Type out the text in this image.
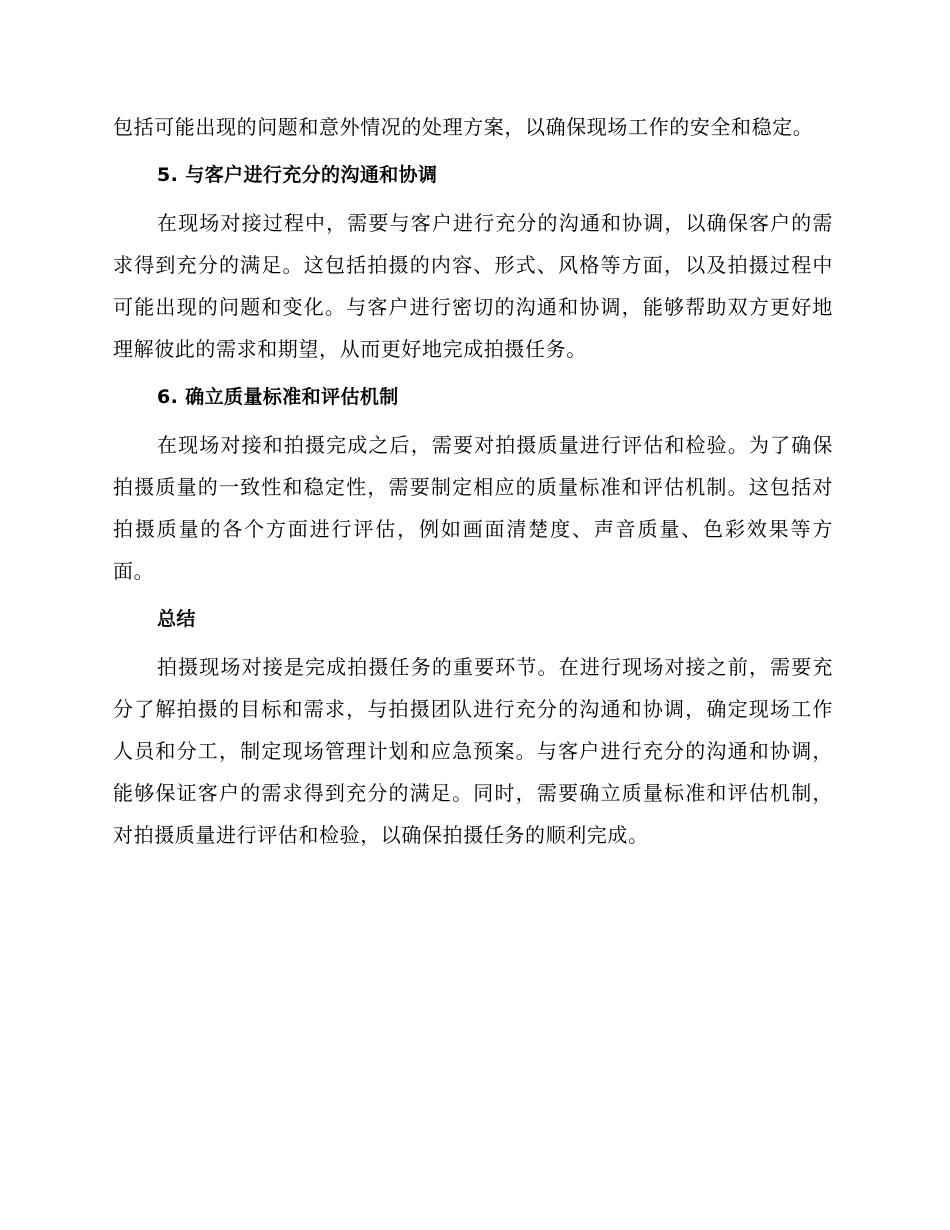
包括可能出现的问题和意外情况的处理方案，以确保现场工作的安全和稳定。

5. 与客户进行充分的沟通和协调

在现场对接过程中，需要与客户进行充分的沟通和协调，以确保客户的需求得到充分的满足。这包括拍摄的内容、形式、风格等方面，以及拍摄过程中可能出现的问题和变化。与客户进行密切的沟通和协调，能够帮助双方更好地理解彼此的需求和期望，从而更好地完成拍摄任务。

6. 确立质量标准和评估机制

在现场对接和拍摄完成之后，需要对拍摄质量进行评估和检验。为了确保拍摄质量的一致性和稳定性，需要制定相应的质量标准和评估机制。这包括对拍摄质量的各个方面进行评估，例如画面清楚度、声音质量、色彩效果等方面。

总结

拍摄现场对接是完成拍摄任务的重要环节。在进行现场对接之前，需要充分了解拍摄的目标和需求，与拍摄团队进行充分的沟通和协调，确定现场工作人员和分工，制定现场管理计划和应急预案。与客户进行充分的沟通和协调，能够保证客户的需求得到充分的满足。同时，需要确立质量标准和评估机制，对拍摄质量进行评估和检验，以确保拍摄任务的顺利完成。
